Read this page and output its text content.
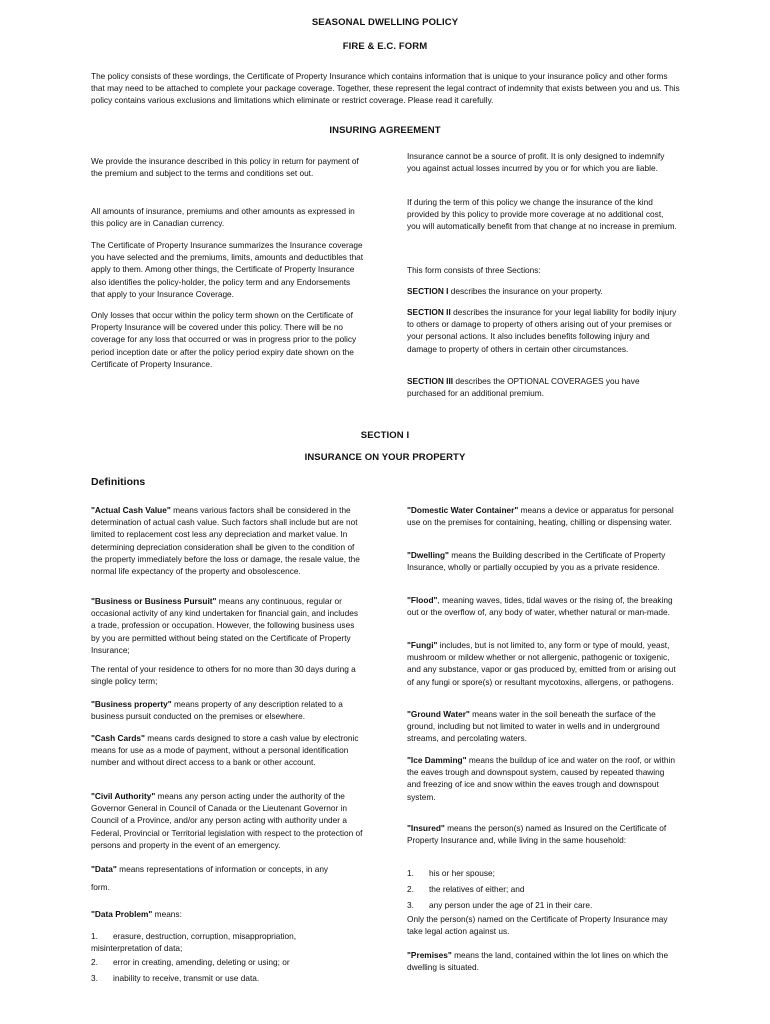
SEASONAL DWELLING POLICY
FIRE & E.C. FORM

The policy consists of these wordings, the Certificate of Property Insurance which contains information that is unique to your insurance policy and other forms that may need to be attached to complete your package coverage. Together, these represent the legal contract of indemnity that exists between you and us. This policy contains various exclusions and limitations which eliminate or restrict coverage. Please read it carefully.

INSURING AGREEMENT

We provide the insurance described in this policy in return for payment of the premium and subject to the terms and conditions set out.

All amounts of insurance, premiums and other amounts as expressed in this policy are in Canadian currency.

The Certificate of Property Insurance summarizes the Insurance coverage you have selected and the premiums, limits, amounts and deductibles that apply to them. Among other things, the Certificate of Property Insurance also identifies the policy-holder, the policy term and any Endorsements that apply to your Insurance Coverage.

Only losses that occur within the policy term shown on the Certificate of Property Insurance will be covered under this policy. There will be no coverage for any loss that occurred or was in progress prior to the policy period inception date or after the policy period expiry date shown on the Certificate of Property Insurance.

Insurance cannot be a source of profit. It is only designed to indemnify you against actual losses incurred by you or for which you are liable.

If during the term of this policy we change the insurance of the kind provided by this policy to provide more coverage at no additional cost, you will automatically benefit from that change at no increase in premium.

This form consists of three Sections:

SECTION I describes the insurance on your property.

SECTION II describes the insurance for your legal liability for bodily injury to others or damage to property of others arising out of your premises or your personal actions. It also includes benefits following injury and damage to property of others in certain other circumstances.

SECTION III describes the OPTIONAL COVERAGES you have purchased for an additional premium.

SECTION I
INSURANCE ON YOUR PROPERTY
Definitions

"Actual Cash Value" means various factors shall be considered in the determination of actual cash value. Such factors shall include but are not limited to replacement cost less any depreciation and market value. In determining depreciation consideration shall be given to the condition of the property immediately before the loss or damage, the resale value, the normal life expectancy of the property and obsolescence.

"Business or Business Pursuit" means any continuous, regular or occasional activity of any kind undertaken for financial gain, and includes a trade, profession or occupation. However, the following business uses by you are permitted without being stated on the Certificate of Property Insurance;

The rental of your residence to others for no more than 30 days during a single policy term;

"Business property" means property of any description related to a business pursuit conducted on the premises or elsewhere.

"Cash Cards" means cards designed to store a cash value by electronic means for use as a mode of payment, without a personal identification number and without direct access to a bank or other account.

"Civil Authority" means any person acting under the authority of the Governor General in Council of Canada or the Lieutenant Governor in Council of a Province, and/or any person acting with authority under a Federal, Provincial or Territorial legislation with respect to the protection of persons and property in the event of an emergency.

"Data" means representations of information or concepts, in any

form.

"Data Problem" means:

1. erasure, destruction, corruption, misappropriation,
misinterpretation of data;
2. error in creating, amending, deleting or using; or
3. inability to receive, transmit or use data.

"Domestic Water Container" means a device or apparatus for personal use on the premises for containing, heating, chilling or dispensing water.

"Dwelling" means the Building described in the Certificate of Property Insurance, wholly or partially occupied by you as a private residence.

"Flood", meaning waves, tides, tidal waves or the rising of, the breaking out or the overflow of, any body of water, whether natural or man-made.

"Fungi" includes, but is not limited to, any form or type of mould, yeast, mushroom or mildew whether or not allergenic, pathogenic or toxigenic, and any substance, vapor or gas produced by, emitted from or arising out of any fungi or spore(s) or resultant mycotoxins, allergens, or pathogens.

"Ground Water" means water in the soil beneath the surface of the ground, including but not limited to water in wells and in underground streams, and percolating waters.

"Ice Damming" means the buildup of ice and water on the roof, or within the eaves trough and downspout system, caused by repeated thawing and freezing of ice and snow within the eaves trough and downspout system.

"Insured" means the person(s) named as Insured on the Certificate of Property Insurance and, while living in the same household:

1. his or her spouse;
2. the relatives of either; and
3. any person under the age of 21 in their care.

Only the person(s) named on the Certificate of Property Insurance may take legal action against us.

"Premises" means the land, contained within the lot lines on which the dwelling is situated.
